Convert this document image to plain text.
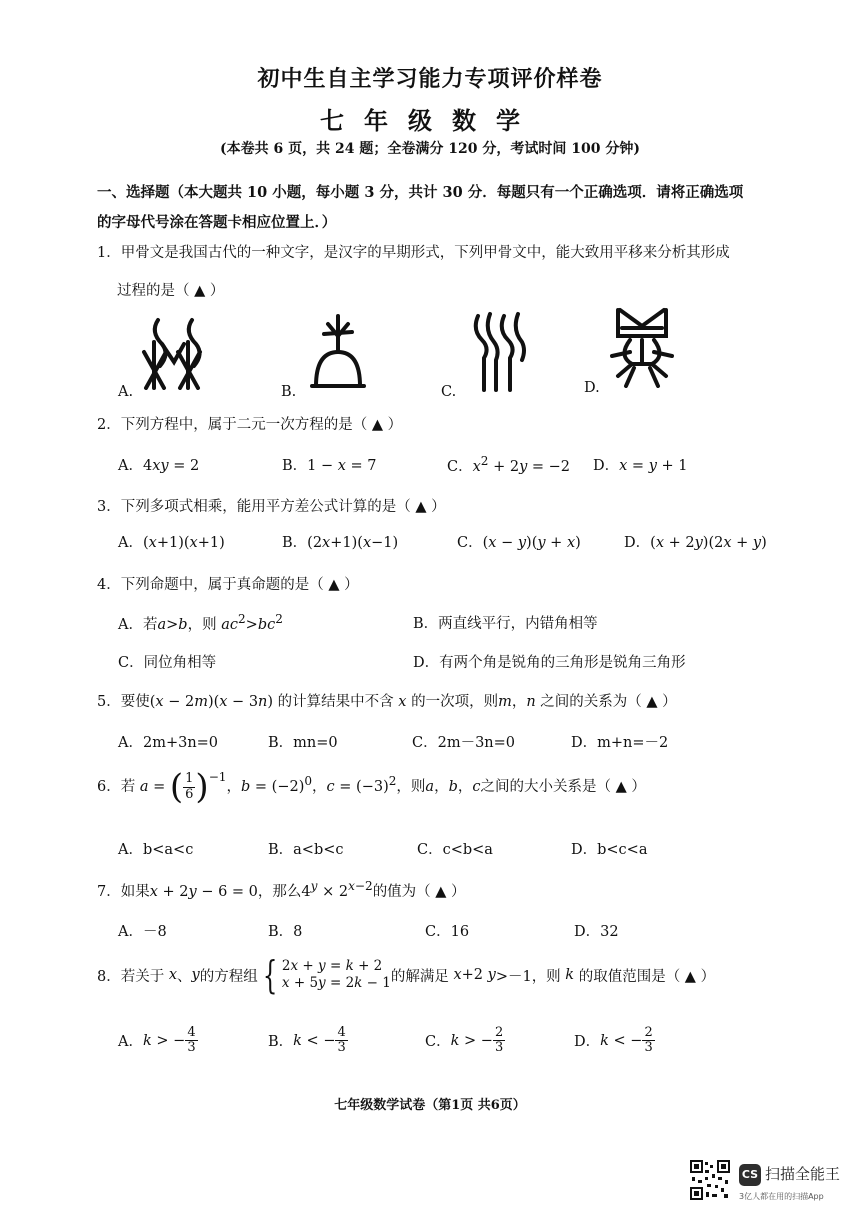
初中生自主学习能力专项评价样卷
七年级数学
(本卷共 6 页，共 24 题；全卷满分 120 分，考试时间 100 分钟)
一、选择题（本大题共 10 小题，每小题 3 分，共计 30 分．每题只有一个正确选项．请将正确选项
的字母代号涂在答题卡相应位置上．）
1．甲骨文是我国古代的一种文字，是汉字的早期形式，下列甲骨文中，能大致用平移来分析其形成
过程的是（ ▲ ）
A.	B.	C.	D.
2．下列方程中，属于二元一次方程的是（ ▲ ）
A．4xy = 2	B．1 − x = 7	C．$x^2 + 2y = -2$ D．x = y + 1
3．下列多项式相乘，能用平方差公式计算的是（ ▲ ）
A．(x+1)(x+1)	B．(2x+1)(x−1)	C．(x − y)(y + x)	D．(x + 2y)(2x + y)
4．下列命题中，属于真命题的是（ ▲ ）
A．若a>b，则 $ac^2>bc^2$	B．两直线平行，内错角相等
C．同位角相等	D．有两个角是锐角的三角形是锐角三角形
5．要使(x − 2m)(x − 3n) 的计算结果中不含 x 的一次项，则m，n 之间的关系为（ ▲ ）
A．2m+3n=0	B．mn=0	C．2m－3n=0	D．m+n=－2
6．若 a = ( $\frac{1}{6} )^{-1}$
，$b = (-2)^0$，$c = (-3)^2$，则a，b，c之间的大小关系是（ ▲ ）
A．b<a<c	B．a<b<c	C．c<b<a	D．b<c<a
7．如果x + 2y − 6 = 0，那么$4^y \times 2^{x-2}$的值为（ ▲ ）
A．－8	B．8	C．16	D．32
8．若关于
x 、 y 的方程组 { 2x + y = k + 2
x + 5y = 2k − 1 的解满足
x +2 y >－1 ，则
k
的取值范围是（ ▲ ）
A． k > − $\frac{4}{3}$	B． k < − $\frac{4}{3}$	C． k > − $\frac{2}{3}$	D． k < − $\frac{2}{3}$
七年级数学试卷（第1页 共6页）
CS 扫描全能王
3亿人都在用的扫描App
